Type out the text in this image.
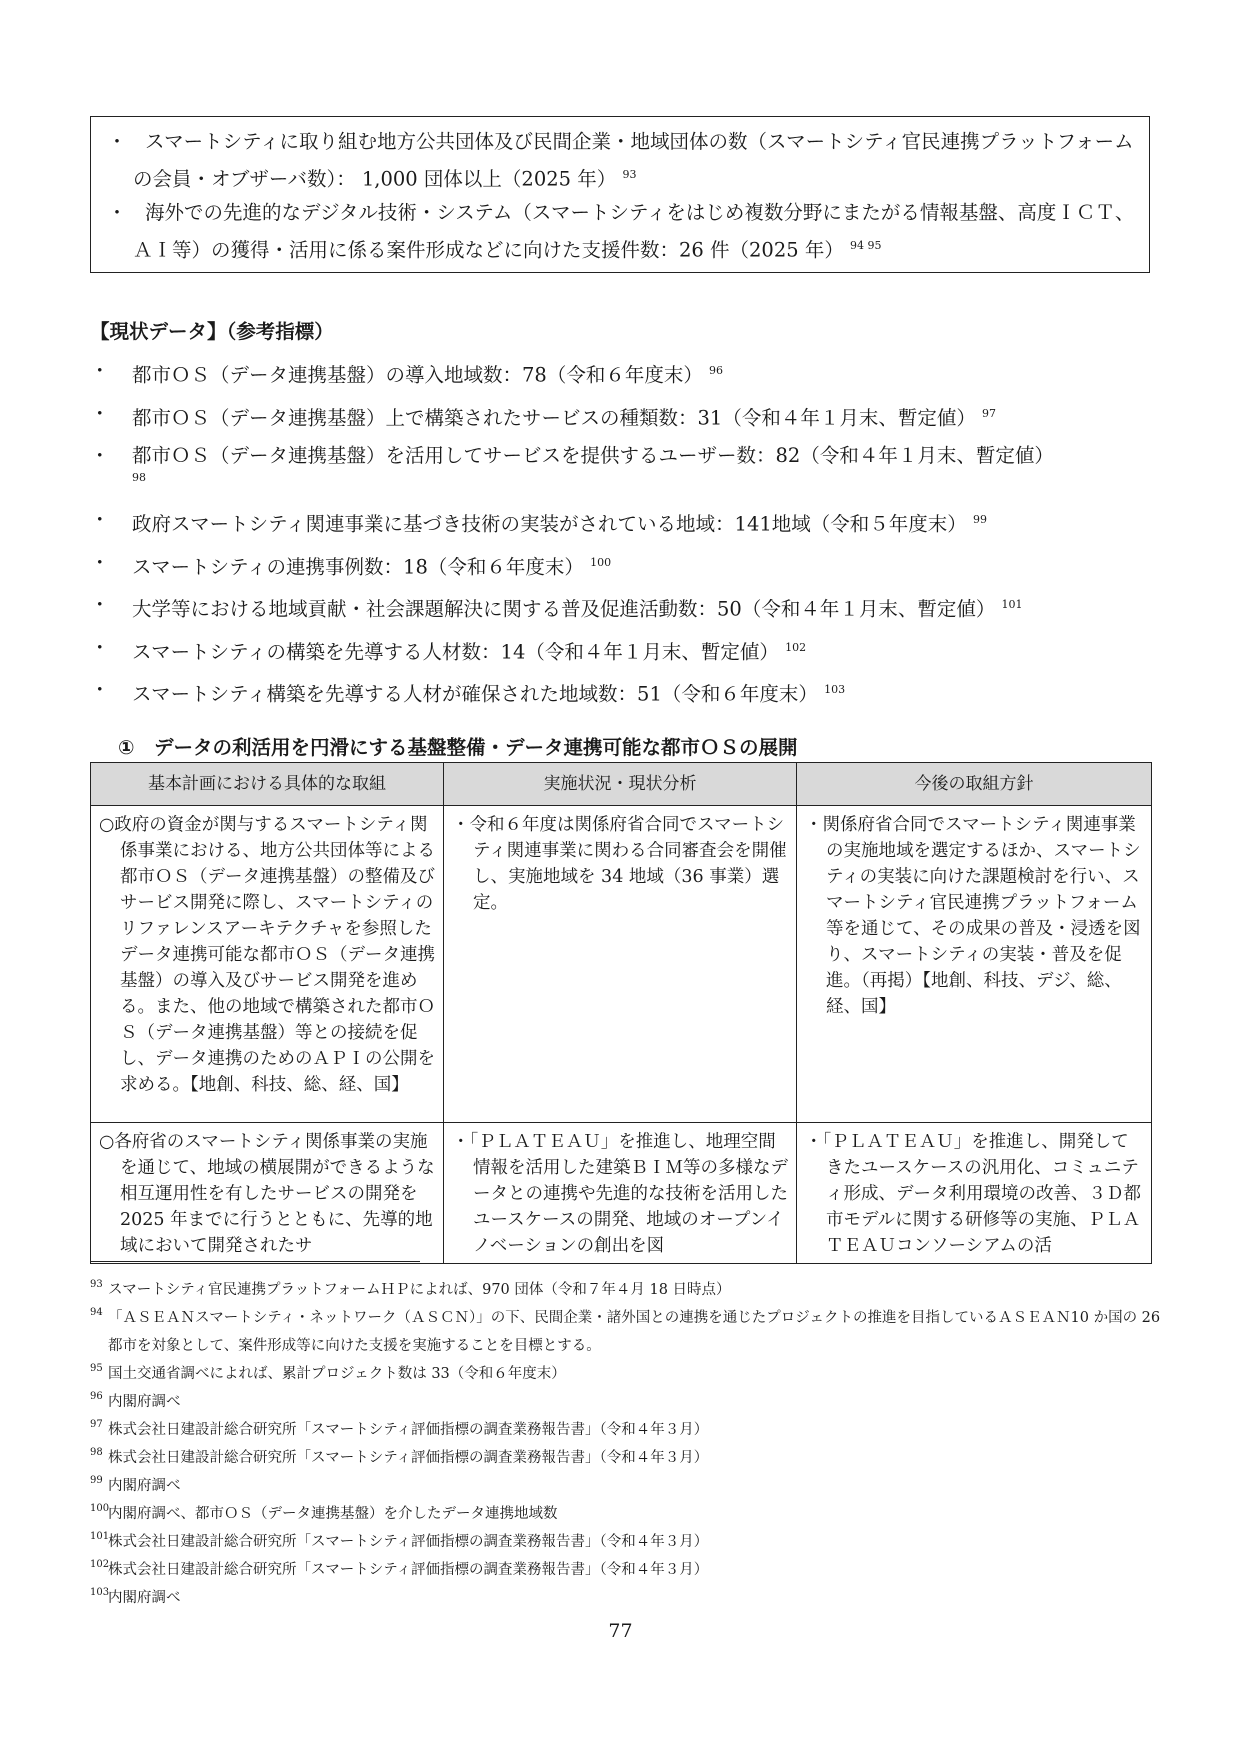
・ スマートシティに取り組む地方公共団体及び民間企業・地域団体の数（スマートシティ官民連携プラットフォームの会員・オブザーバ数）： 1,000 団体以上（2025 年） $^{93}$
・ 海外での先進的なデジタル技術・システム（スマートシティをはじめ複数分野にまたがる情報基盤、高度ＩＣＴ、ＡＩ等）の獲得・活用に係る案件形成などに向けた支援件数：26 件（2025 年） $^{94 95}$
【現状データ】（参考指標）
・	都市ＯＳ（データ連携基盤）の導入地域数：78（令和６年度末） $^{96}$
・	都市ＯＳ（データ連携基盤）上で構築されたサービスの種類数：31（令和４年１月末、暫定値） $^{97}$
・	都市ＯＳ（データ連携基盤）を活用してサービスを提供するユーザー数：82（令和４年１月末、暫定値）
98
・	政府スマートシティ関連事業に基づき技術の実装がされている地域：141地域（令和５年度末） $^{99}$
・	スマートシティの連携事例数：18（令和６年度末） $^{100}$
・	大学等における地域貢献・社会課題解決に関する普及促進活動数：50（令和４年１月末、暫定値） $^{101}$
・	スマートシティの構築を先導する人材数：14（令和４年１月末、暫定値） $^{102}$
・	スマートシティ構築を先導する人材が確保された地域数：51（令和６年度末） $^{103}$
①　データの利活用を円滑にする基盤整備・データ連携可能な都市ＯＳの展開
基本計画における具体的な取組	実施状況・現状分析	今後の取組方針

○政府の資金が関与するスマートシティ関係事業における、地方公共団体等による都市ＯＳ（データ連携基盤）の整備及びサービス開発に際し、スマートシティのリファレンスアーキテクチャを参照したデータ連携可能な都市ＯＳ（データ連携基盤）の導入及びサービス開発を進める。また、他の地域で構築された都市ＯＳ（データ連携基盤）等との接続を促し、データ連携のためのＡＰＩの公開を求める。【地創、科技、総、経、国】	・令和６年度は関係府省合同でスマートシティ関連事業に関わる合同審査会を開催し、実施地域を 34 地域（36 事業）選定。	・関係府省合同でスマートシティ関連事業の実施地域を選定するほか、スマートシティの実装に向けた課題検討を行い、スマートシティ官民連携プラットフォーム等を通じて、その成果の普及・浸透を図り、スマートシティの実装・普及を促進。（再掲）【地創、科技、デジ、総、経、国】

○各府省のスマートシティ関係事業の実施を通じて、地域の横展開ができるような相互運用性を有したサービスの開発を 2025 年までに行うとともに、先導的地域において開発されたサ	・「ＰＬＡＴＥＡＵ」を推進し、地理空間情報を活用した建築ＢＩＭ等の多様なデータとの連携や先進的な技術を活用したユースケースの開発、地域のオープンイノベーションの創出を図	・「ＰＬＡＴＥＡＵ」を推進し、開発してきたユースケースの汎用化、コミュニティ形成、データ利用環境の改善、３Ｄ都市モデルに関する研修等の実施、ＰＬＡＴＥＡＵコンソーシアムの活
93 スマートシティ官民連携プラットフォームＨＰによれば、970 団体（令和７年４月 18 日時点）
94 「ＡＳＥＡＮスマートシティ・ネットワーク（ＡＳＣＮ）」の下、民間企業・諸外国との連携を通じたプロジェクトの推進を目指しているＡＳＥＡＮ10 か国の 26 都市を対象として、案件形成等に向けた支援を実施することを目標とする。
95 国土交通省調べによれば、累計プロジェクト数は 33（令和６年度末）
96 内閣府調べ
97 株式会社日建設計総合研究所「スマートシティ評価指標の調査業務報告書」（令和４年３月）
98 株式会社日建設計総合研究所「スマートシティ評価指標の調査業務報告書」（令和４年３月）
99 内閣府調べ
100
内閣府調べ、都市ＯＳ（データ連携基盤）を介したデータ連携地域数
101
株式会社日建設計総合研究所「スマートシティ評価指標の調査業務報告書」（令和４年３月）
102
株式会社日建設計総合研究所「スマートシティ評価指標の調査業務報告書」（令和４年３月）
103
内閣府調べ
77
